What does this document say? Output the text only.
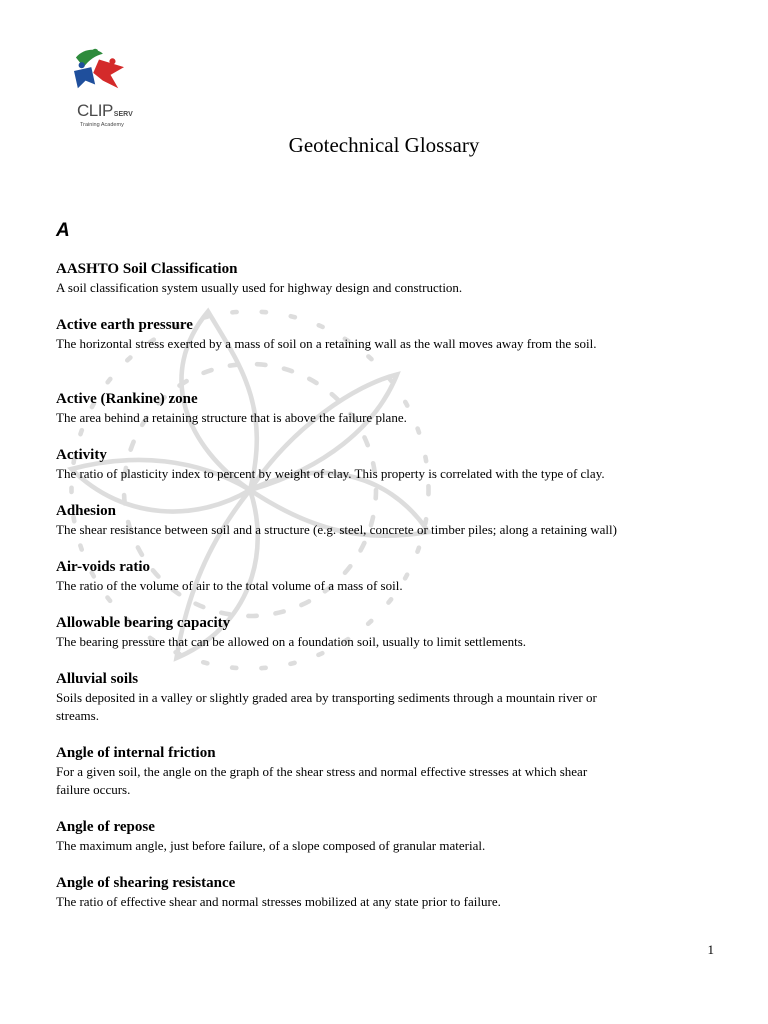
CLIPSERV
Training Academy
Geotechnical Glossary
A
AASHTO Soil Classification
A soil classification system usually used for highway design and construction.
Active earth pressure
The horizontal stress exerted by a mass of soil on a retaining wall as the wall moves away from the soil.
Active (Rankine) zone
The area behind a retaining structure that is above the failure plane.
Activity
The ratio of plasticity index to percent by weight of clay. This property is correlated with the type of clay.
Adhesion
The shear resistance between soil and a structure (e.g. steel, concrete or timber piles; along a retaining wall)
Air-voids ratio
The ratio of the volume of air to the total volume of a mass of soil.
Allowable bearing capacity
The bearing pressure that can be allowed on a foundation soil, usually to limit settlements.
Alluvial soils
Soils deposited in a valley or slightly graded area by transporting sediments through a mountain river or
streams.
Angle of internal friction
For a given soil, the angle on the graph of the shear stress and normal effective stresses at which shear
failure occurs.
Angle of repose
The maximum angle, just before failure, of a slope composed of granular material.
Angle of shearing resistance
The ratio of effective shear and normal stresses mobilized at any state prior to failure.
1
